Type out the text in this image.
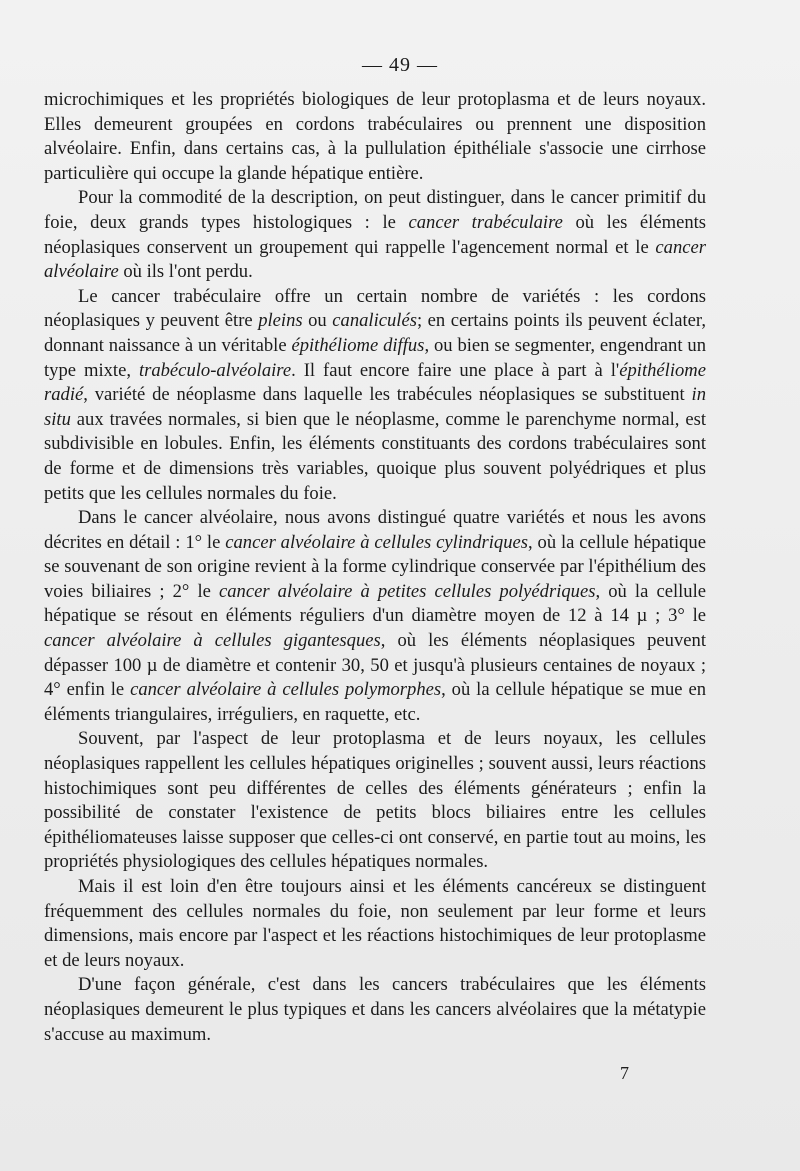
— 49 —

microchimiques et les propriétés biologiques de leur protoplasma et de leurs noyaux. Elles demeurent groupées en cordons trabéculaires ou prennent une disposition alvéolaire. Enfin, dans certains cas, à la pullulation épithéliale s'associe une cirrhose particulière qui occupe la glande hépatique entière.

Pour la commodité de la description, on peut distinguer, dans le cancer primitif du foie, deux grands types histologiques : le cancer trabéculaire où les éléments néoplasiques conservent un groupement qui rappelle l'agencement normal et le cancer alvéolaire où ils l'ont perdu.

Le cancer trabéculaire offre un certain nombre de variétés : les cordons néoplasiques y peuvent être pleins ou canaliculés; en certains points ils peuvent éclater, donnant naissance à un véritable épithéliome diffus, ou bien se segmenter, engendrant un type mixte, trabéculo-alvéolaire. Il faut encore faire une place à part à l'épithéliome radié, variété de néoplasme dans laquelle les trabécules néoplasiques se substituent in situ aux travées normales, si bien que le néoplasme, comme le parenchyme normal, est subdivisible en lobules. Enfin, les éléments constituants des cordons trabéculaires sont de forme et de dimensions très variables, quoique plus souvent polyédriques et plus petits que les cellules normales du foie.

Dans le cancer alvéolaire, nous avons distingué quatre variétés et nous les avons décrites en détail : 1° le cancer alvéolaire à cellules cylindriques, où la cellule hépatique se souvenant de son origine revient à la forme cylindrique conservée par l'épithélium des voies biliaires ; 2° le cancer alvéolaire à petites cellules polyédriques, où la cellule hépatique se résout en éléments réguliers d'un diamètre moyen de 12 à 14 µ ; 3° le cancer alvéolaire à cellules gigantesques, où les éléments néoplasiques peuvent dépasser 100 µ de diamètre et contenir 30, 50 et jusqu'à plusieurs centaines de noyaux ; 4° enfin le cancer alvéolaire à cellules polymorphes, où la cellule hépatique se mue en éléments triangulaires, irréguliers, en raquette, etc.

Souvent, par l'aspect de leur protoplasma et de leurs noyaux, les cellules néoplasiques rappellent les cellules hépatiques originelles ; souvent aussi, leurs réactions histochimiques sont peu différentes de celles des éléments générateurs ; enfin la possibilité de constater l'existence de petits blocs biliaires entre les cellules épithéliomateuses laisse supposer que celles-ci ont conservé, en partie tout au moins, les propriétés physiologiques des cellules hépatiques normales.

Mais il est loin d'en être toujours ainsi et les éléments cancéreux se distinguent fréquemment des cellules normales du foie, non seulement par leur forme et leurs dimensions, mais encore par l'aspect et les réactions histochimiques de leur protoplasme et de leurs noyaux.

D'une façon générale, c'est dans les cancers trabéculaires que les éléments néoplasiques demeurent le plus typiques et dans les cancers alvéolaires que la métatypie s'accuse au maximum.

7
